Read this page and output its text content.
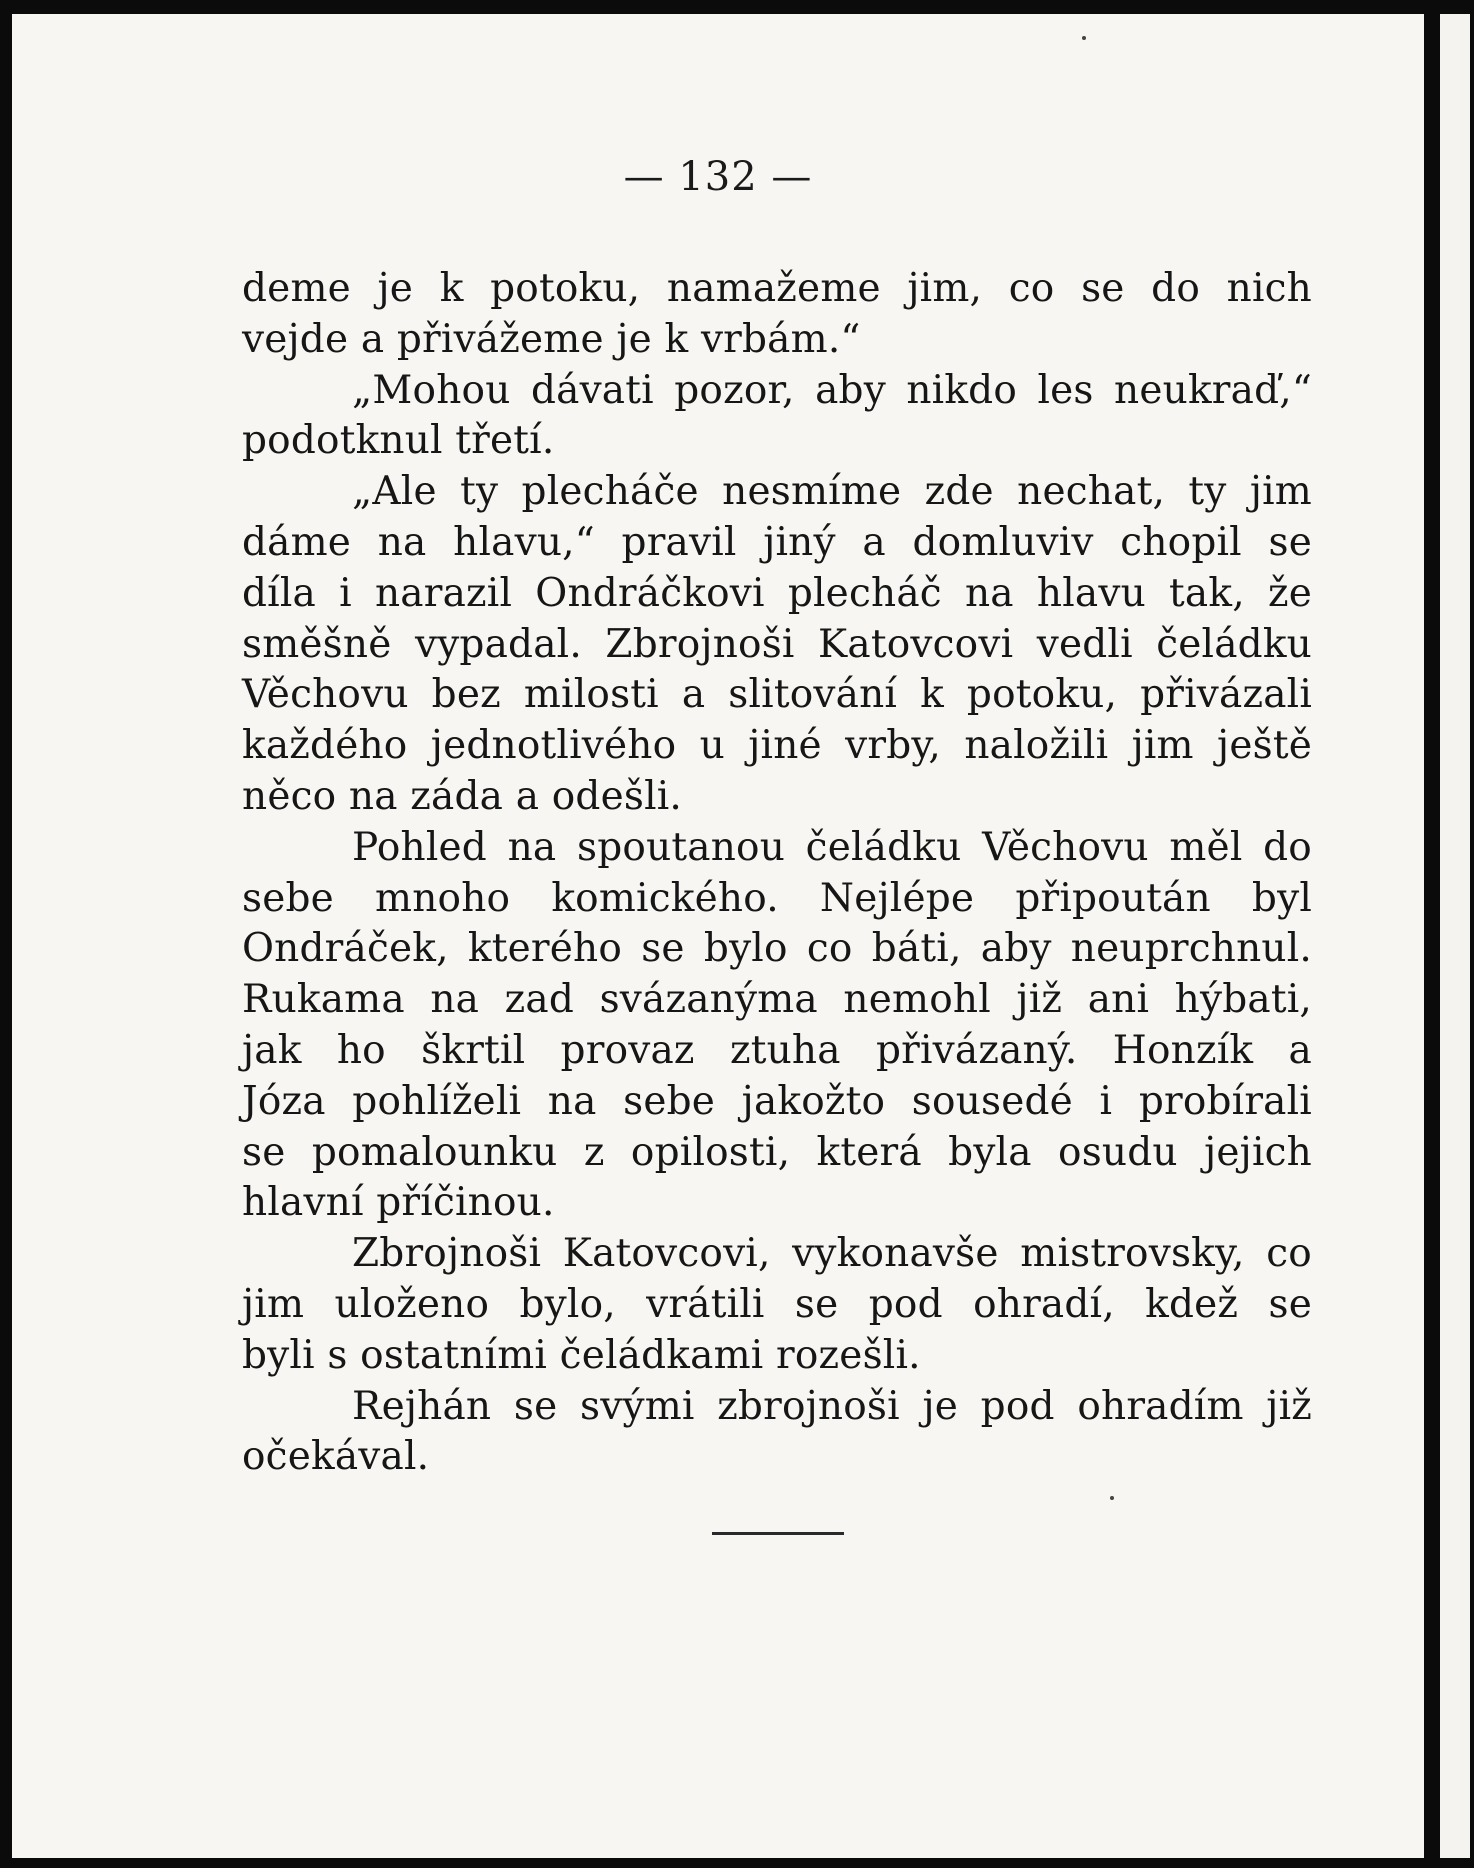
— 132 —
deme je k potoku, namažeme jim, co se do nich
vejde a přivážeme je k vrbám.“
„Mohou dávati pozor, aby nikdo les neukraď,“
podotknul třetí.
„Ale ty plecháče nesmíme zde nechat, ty jim
dáme na hlavu,“ pravil jiný a domluviv chopil se
díla i narazil Ondráčkovi plecháč na hlavu tak, že
směšně vypadal. Zbrojnoši Katovcovi vedli čeládku
Věchovu bez milosti a slitování k potoku, přivázali
každého jednotlivého u jiné vrby, naložili jim ještě
něco na záda a odešli.
Pohled na spoutanou čeládku Věchovu měl do
sebe mnoho komického. Nejlépe připoután byl
Ondráček, kterého se bylo co báti, aby neuprchnul.
Rukama na zad svázanýma nemohl již ani hýbati,
jak ho škrtil provaz ztuha přivázaný. Honzík a
Józa pohlíželi na sebe jakožto sousedé i probírali
se pomalounku z opilosti, která byla osudu jejich
hlavní příčinou.
Zbrojnoši Katovcovi, vykonavše mistrovsky, co
jim uloženo bylo, vrátili se pod ohradí, kdež se
byli s ostatními čeládkami rozešli.
Rejhán se svými zbrojnoši je pod ohradím již
očekával.
